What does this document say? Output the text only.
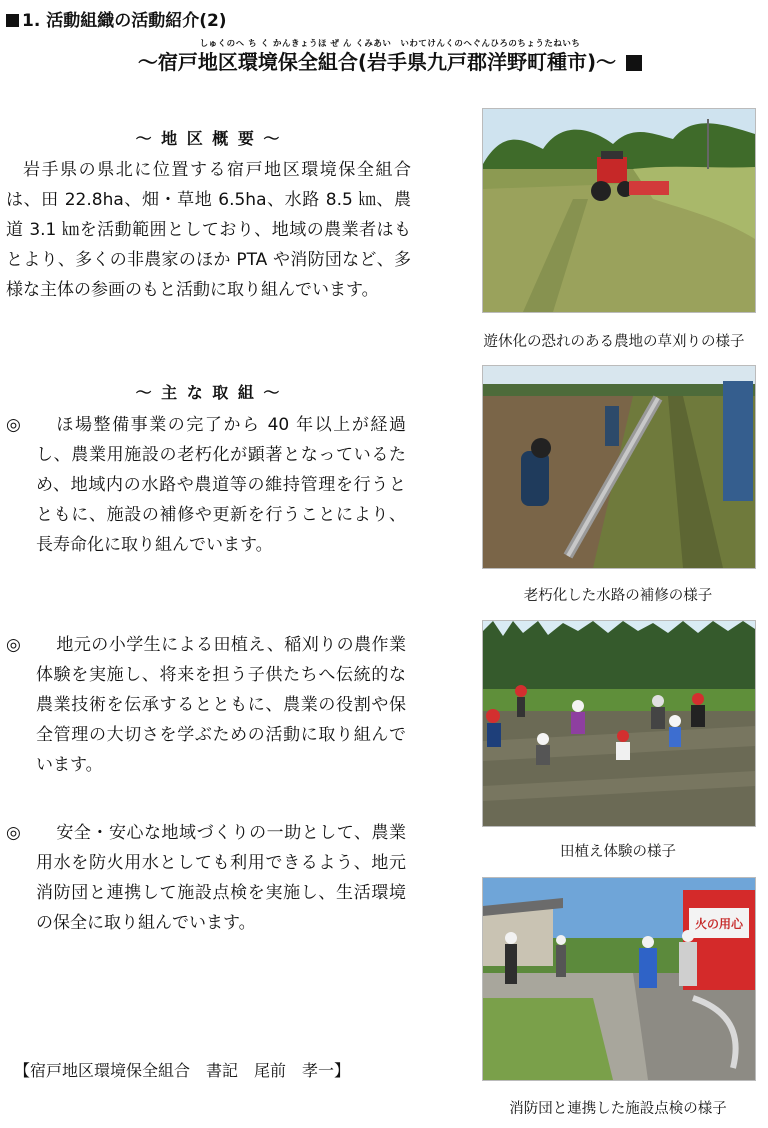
1. 活動組織の活動紹介(2)
しゅくのへ ち く かんきょうほ ぜ ん くみあい　いわてけんくのへぐんひろのちょうたねいち
～宿戸地区環境保全組合(岩手県九戸郡洋野町種市)～
～ 地 区 概 要 ～
岩手県の県北に位置する宿戸地区環境保全組合は、田 22.8ha、畑・草地 6.5ha、水路 8.5 ㎞、農道 3.1 ㎞を活動範囲としており、地域の農業者はもとより、多くの非農家のほか PTA や消防団など、多様な主体の参画のもと活動に取り組んでいます。
～ 主 な 取 組 ～
◎	ほ場整備事業の完了から 40 年以上が経過し、農業用施設の老朽化が顕著となっているため、地域内の水路や農道等の維持管理を行うとともに、施設の補修や更新を行うことにより、長寿命化に取り組んでいます。
◎	地元の小学生による田植え、稲刈りの農作業体験を実施し、将来を担う子供たちへ伝統的な農業技術を伝承するとともに、農業の役割や保全管理の大切さを学ぶための活動に取り組んでいます。
◎	安全・安心な地域づくりの一助として、農業用水を防火用水としても利用できるよう、地元消防団と連携して施設点検を実施し、生活環境の保全に取り組んでいます。
【宿戸地区環境保全組合　書記　尾前　孝一】
遊休化の恐れのある農地の草刈りの様子
老朽化した水路の補修の様子
田植え体験の様子
火の用心
消防団と連携した施設点検の様子
